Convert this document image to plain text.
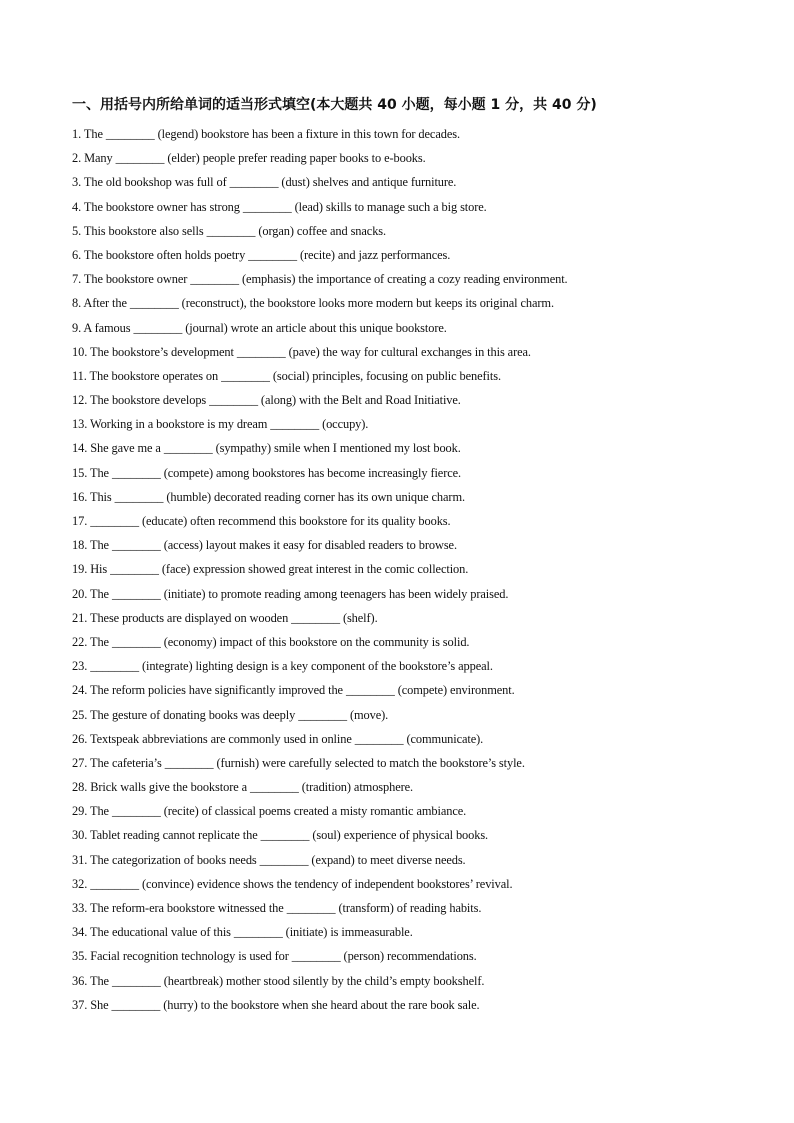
一、用括号内所给单词的适当形式填空(本大题共 40 小题，每小题 1 分，共 40 分)
1. The ________ (legend) bookstore has been a fixture in this town for decades.
2. Many ________ (elder) people prefer reading paper books to e-books.
3. The old bookshop was full of ________ (dust) shelves and antique furniture.
4. The bookstore owner has strong ________ (lead) skills to manage such a big store.
5. This bookstore also sells ________ (organ) coffee and snacks.
6. The bookstore often holds poetry ________ (recite) and jazz performances.
7. The bookstore owner ________ (emphasis) the importance of creating a cozy reading environment.
8. After the ________ (reconstruct), the bookstore looks more modern but keeps its original charm.
9. A famous ________ (journal) wrote an article about this unique bookstore.
10. The bookstore’s development ________ (pave) the way for cultural exchanges in this area.
11. The bookstore operates on ________ (social) principles, focusing on public benefits.
12. The bookstore develops ________ (along) with the Belt and Road Initiative.
13. Working in a bookstore is my dream ________ (occupy).
14. She gave me a ________ (sympathy) smile when I mentioned my lost book.
15. The ________ (compete) among bookstores has become increasingly fierce.
16. This ________ (humble) decorated reading corner has its own unique charm.
17. ________ (educate) often recommend this bookstore for its quality books.
18. The ________ (access) layout makes it easy for disabled readers to browse.
19. His ________ (face) expression showed great interest in the comic collection.
20. The ________ (initiate) to promote reading among teenagers has been widely praised.
21. These products are displayed on wooden ________ (shelf).
22. The ________ (economy) impact of this bookstore on the community is solid.
23. ________ (integrate) lighting design is a key component of the bookstore’s appeal.
24. The reform policies have significantly improved the ________ (compete) environment.
25. The gesture of donating books was deeply ________ (move).
26. Textspeak abbreviations are commonly used in online ________ (communicate).
27. The cafeteria’s ________ (furnish) were carefully selected to match the bookstore’s style.
28. Brick walls give the bookstore a ________ (tradition) atmosphere.
29. The ________ (recite) of classical poems created a misty romantic ambiance.
30. Tablet reading cannot replicate the ________ (soul) experience of physical books.
31. The categorization of books needs ________ (expand) to meet diverse needs.
32. ________ (convince) evidence shows the tendency of independent bookstores’ revival.
33. The reform-era bookstore witnessed the ________ (transform) of reading habits.
34. The educational value of this ________ (initiate) is immeasurable.
35. Facial recognition technology is used for ________ (person) recommendations.
36. The ________ (heartbreak) mother stood silently by the child’s empty bookshelf.
37. She ________ (hurry) to the bookstore when she heard about the rare book sale.
